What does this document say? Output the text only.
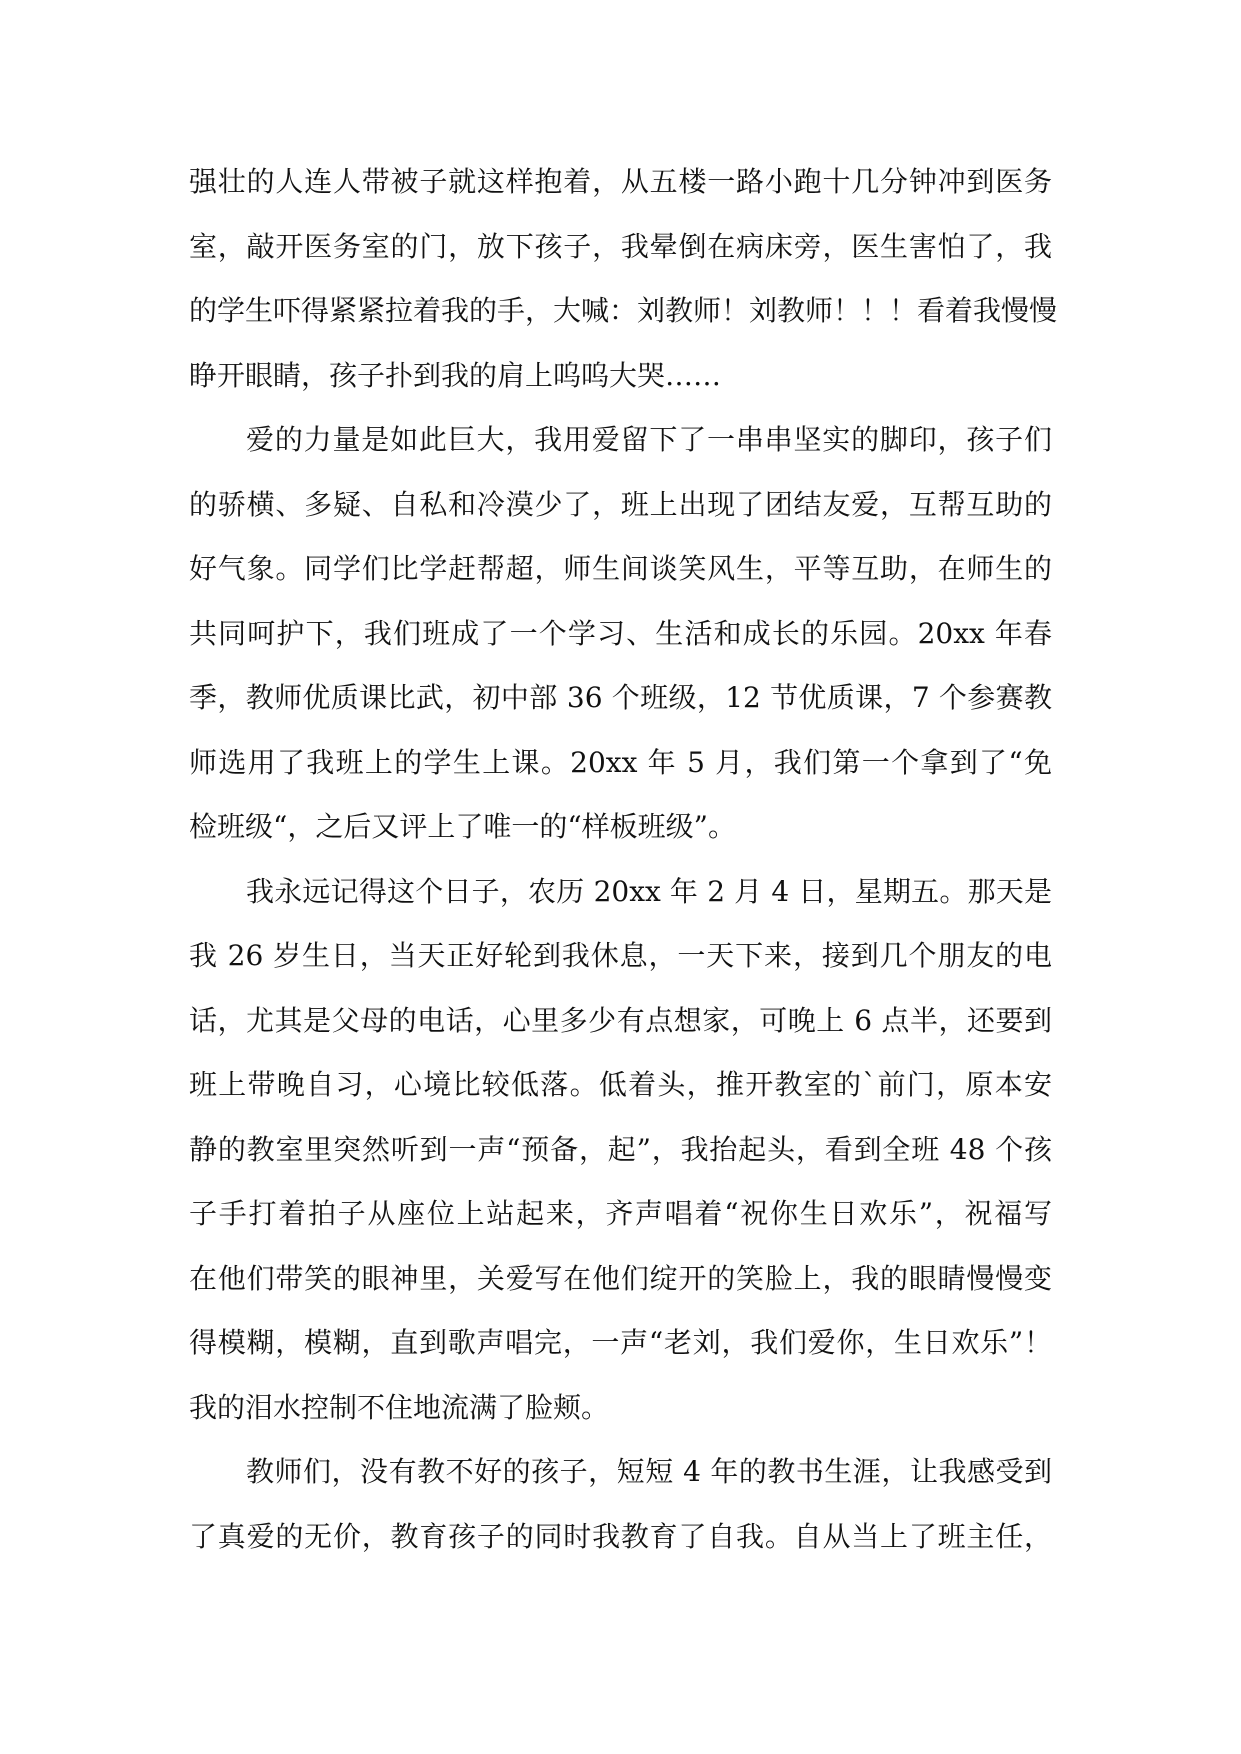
强壮的人连人带被子就这样抱着，从五楼一路小跑十几分钟冲到医务
室，敲开医务室的门，放下孩子，我晕倒在病床旁，医生害怕了，我
的学生吓得紧紧拉着我的手，大喊：刘教师！刘教师！！！看着我慢慢
睁开眼睛，孩子扑到我的肩上呜呜大哭……
爱的力量是如此巨大，我用爱留下了一串串坚实的脚印，孩子们
的骄横、多疑、自私和冷漠少了，班上出现了团结友爱，互帮互助的
好气象。同学们比学赶帮超，师生间谈笑风生，平等互助，在师生的
共同呵护下，我们班成了一个学习、生活和成长的乐园。20xx 年春
季，教师优质课比武，初中部 36 个班级，12 节优质课，7 个参赛教
师选用了我班上的学生上课。20xx 年 5 月，我们第一个拿到了“免
检班级“，之后又评上了唯一的“样板班级”。
我永远记得这个日子，农历 20xx 年 2 月 4 日，星期五。那天是
我 26 岁生日，当天正好轮到我休息，一天下来，接到几个朋友的电
话，尤其是父母的电话，心里多少有点想家，可晚上 6 点半，还要到
班上带晚自习，心境比较低落。低着头，推开教室的`前门，原本安
静的教室里突然听到一声“预备，起”，我抬起头，看到全班 48 个孩
子手打着拍子从座位上站起来，齐声唱着“祝你生日欢乐”，祝福写
在他们带笑的眼神里，关爱写在他们绽开的笑脸上，我的眼睛慢慢变
得模糊，模糊，直到歌声唱完，一声“老刘，我们爱你，生日欢乐”！
我的泪水控制不住地流满了脸颊。
教师们，没有教不好的孩子，短短 4 年的教书生涯，让我感受到
了真爱的无价，教育孩子的同时我教育了自我。自从当上了班主任，
